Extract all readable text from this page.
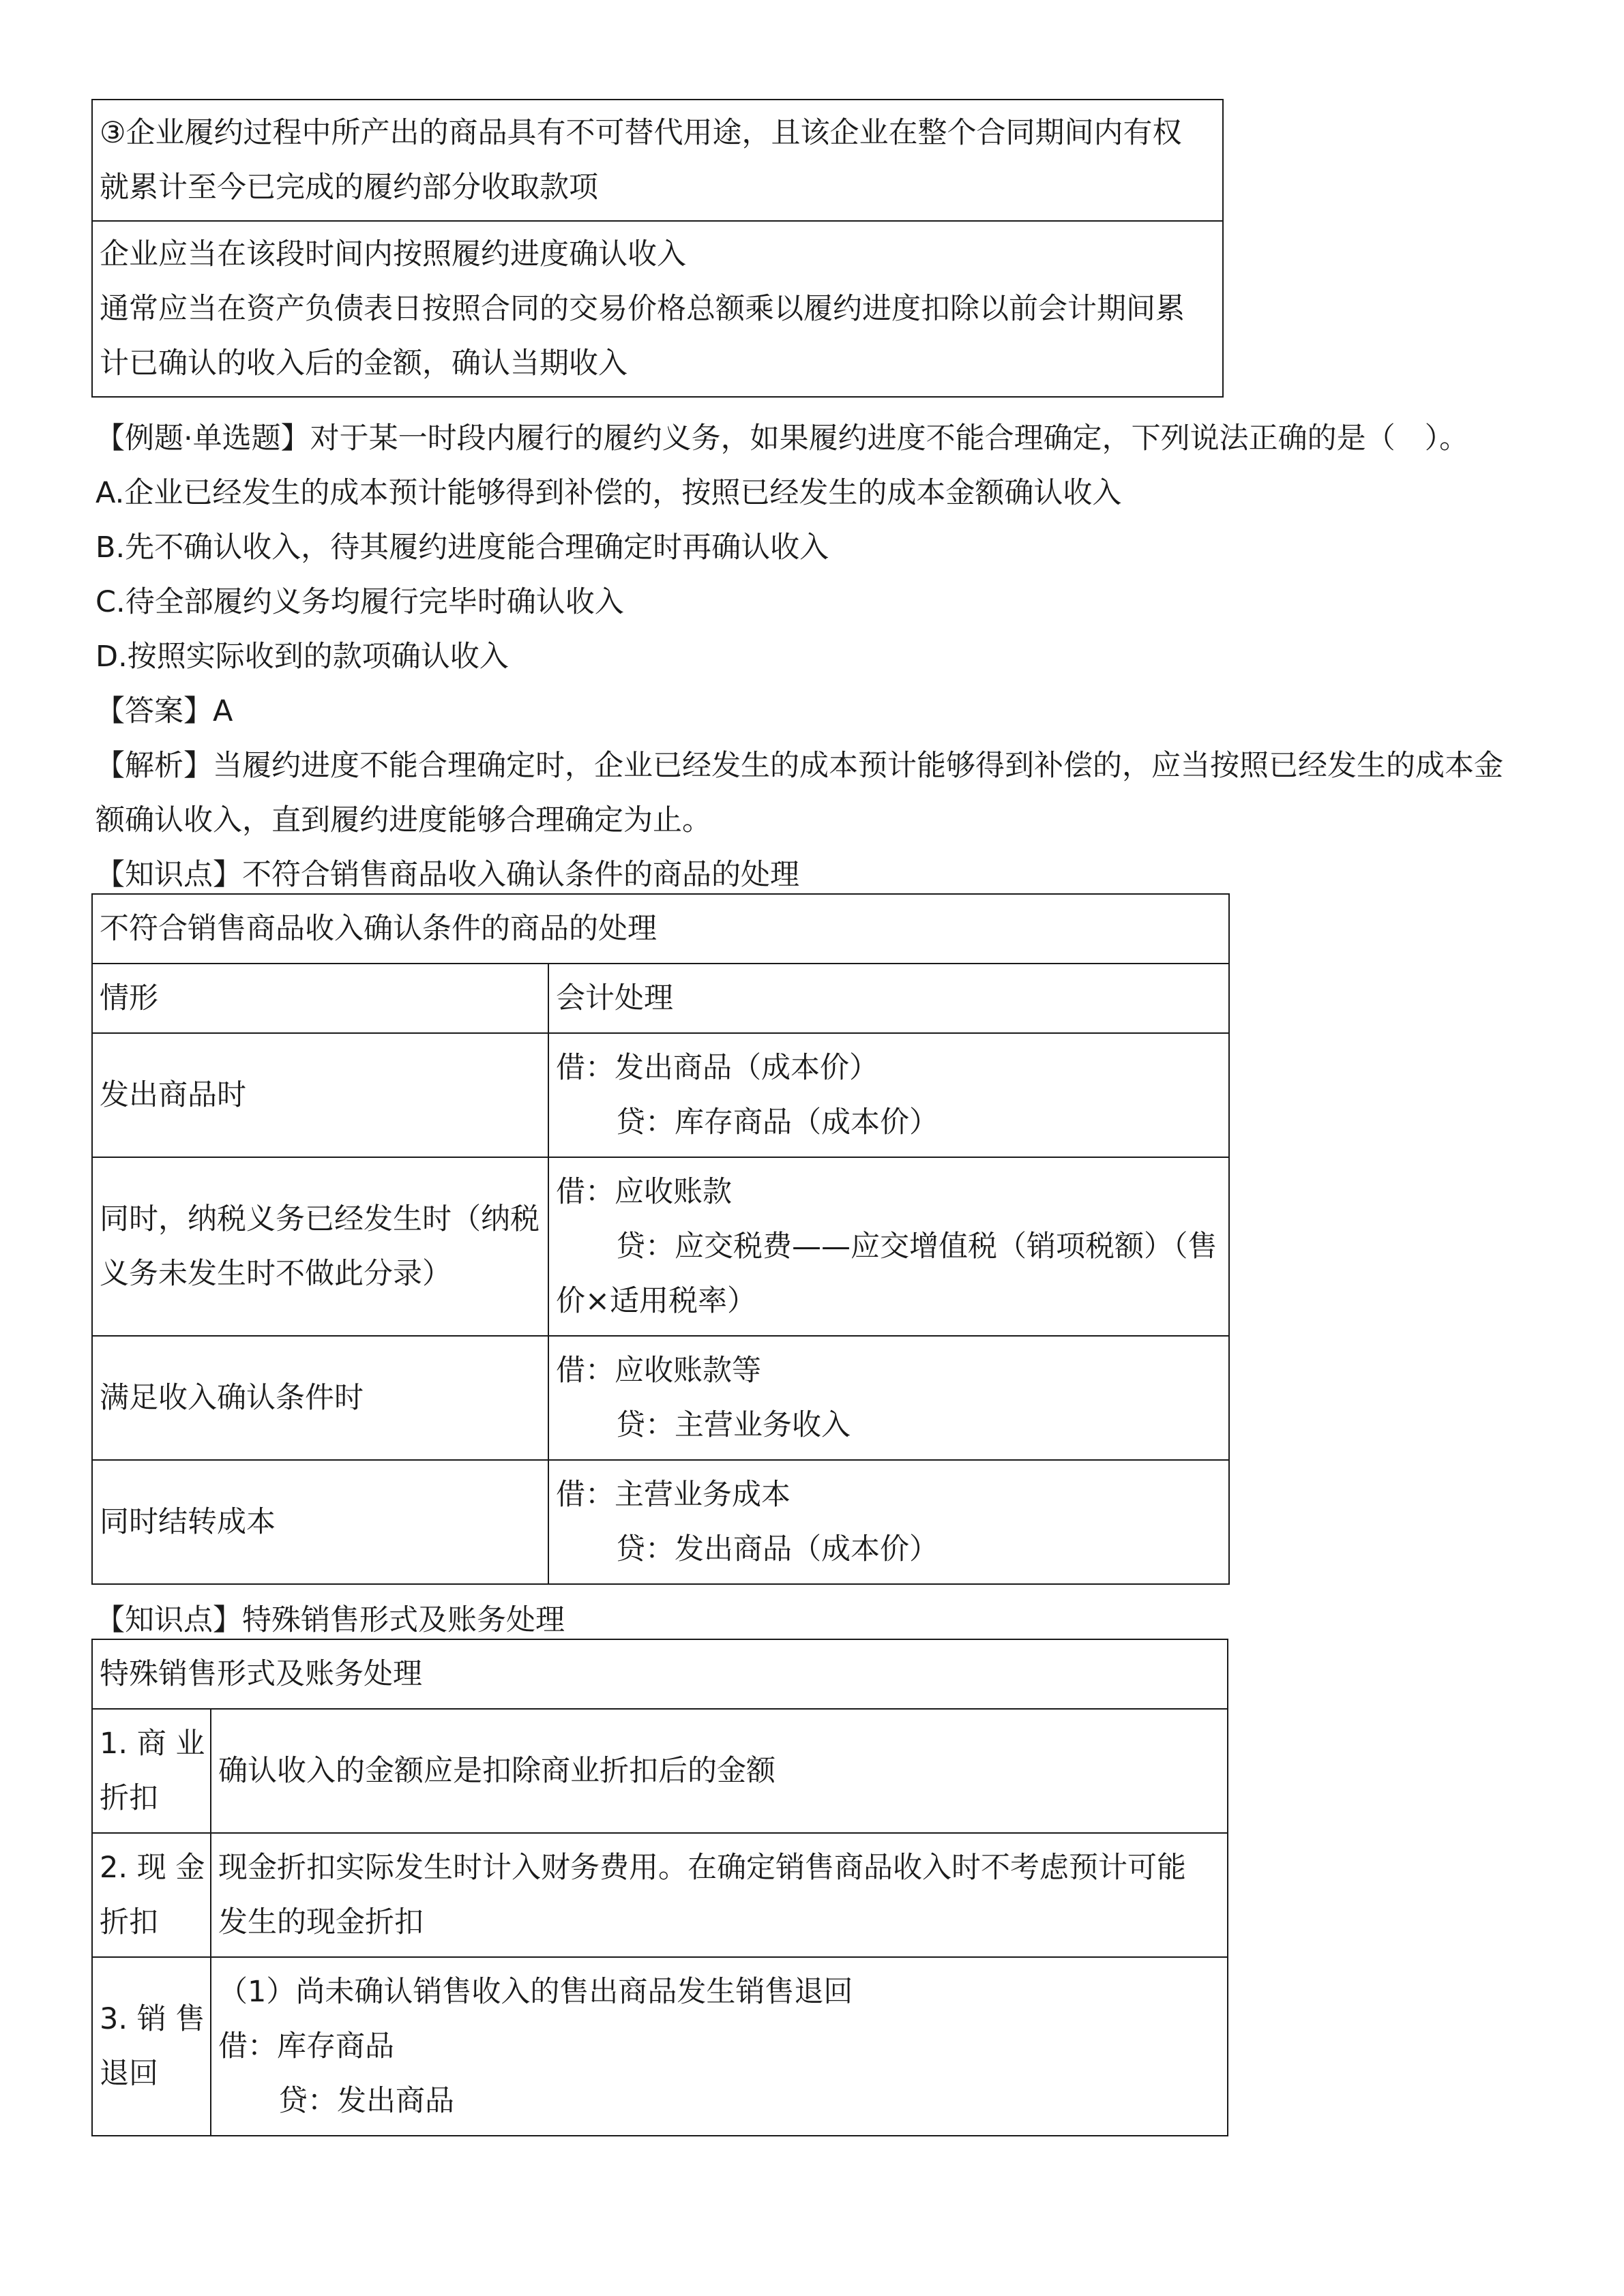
③企业履约过程中所产出的商品具有不可替代用途，且该企业在整个合同期间内有权
就累计至今已完成的履约部分收取款项

企业应当在该段时间内按照履约进度确认收入
通常应当在资产负债表日按照合同的交易价格总额乘以履约进度扣除以前会计期间累
计已确认的收入后的金额，确认当期收入
【例题·单选题】对于某一时段内履行的履约义务，如果履约进度不能合理确定，下列说法正确的是（　）。
A.企业已经发生的成本预计能够得到补偿的，按照已经发生的成本金额确认收入
B.先不确认收入，待其履约进度能合理确定时再确认收入
C.待全部履约义务均履行完毕时确认收入
D.按照实际收到的款项确认收入
【答案】A
【解析】当履约进度不能合理确定时，企业已经发生的成本预计能够得到补偿的，应当按照已经发生的成本金
额确认收入，直到履约进度能够合理确定为止。
【知识点】不符合销售商品收入确认条件的商品的处理
不符合销售商品收入确认条件的商品的处理	
情形	会计处理

发出商品时	借：发出商品（成本价）
贷：库存商品（成本价）

同时，纳税义务已经发生时（纳税
义务未发生时不做此分录）	借：应收账款
贷：应交税费——应交增值税（销项税额）（售
价×适用税率）

满足收入确认条件时	借：应收账款等
贷：主营业务收入

同时结转成本	借：主营业务成本
贷：发出商品（成本价）
【知识点】特殊销售形式及账务处理
特殊销售形式及账务处理	

1. 商 业
折扣	确认收入的金额应是扣除商业折扣后的金额

2. 现 金
折扣	现金折扣实际发生时计入财务费用。在确定销售商品收入时不考虑预计可能
发生的现金折扣

3. 销 售
退回	（1）尚未确认销售收入的售出商品发生销售退回
借：库存商品
贷：发出商品
